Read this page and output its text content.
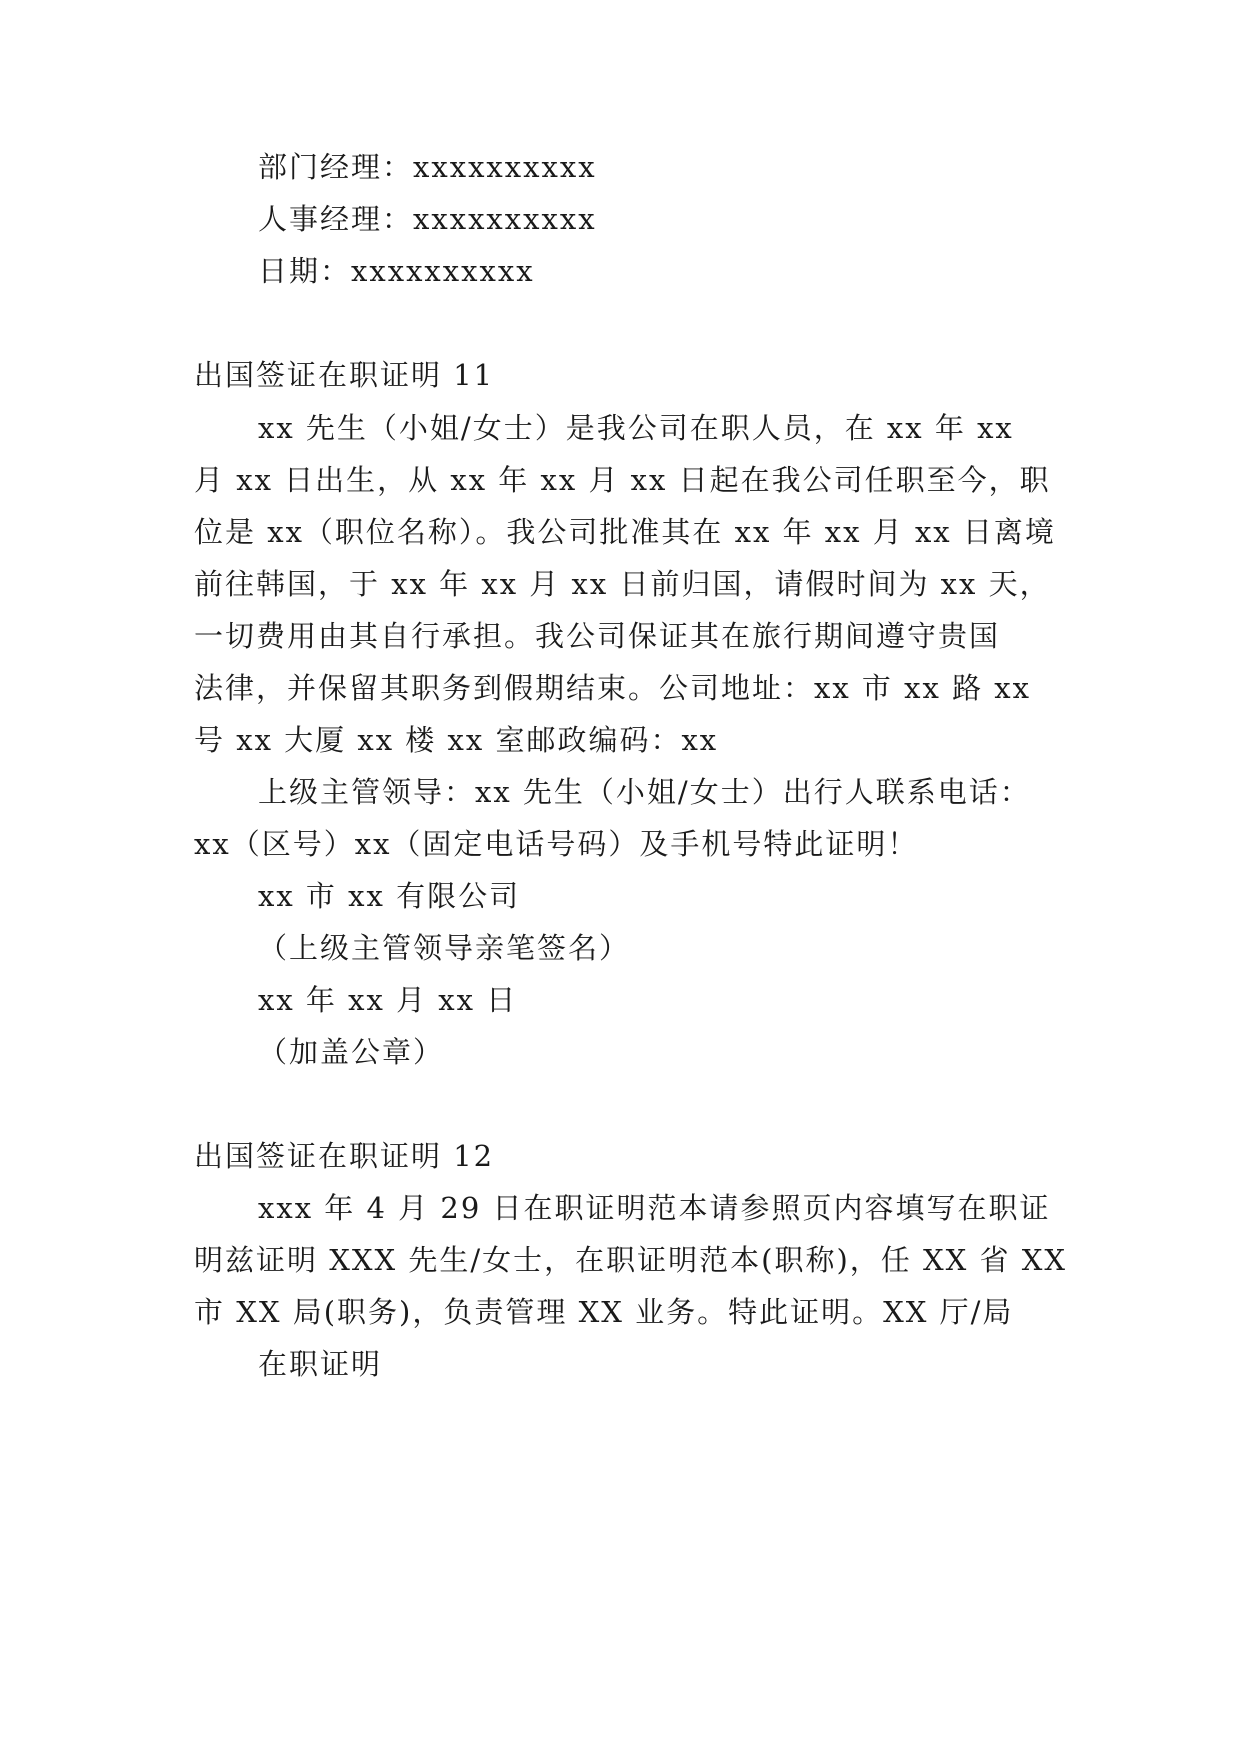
部门经理：xxxxxxxxxx
人事经理：xxxxxxxxxx
日期：xxxxxxxxxx
出国签证在职证明 11
xx 先生（小姐/女士）是我公司在职人员，在 xx 年 xx
月 xx 日出生，从 xx 年 xx 月 xx 日起在我公司任职至今，职
位是 xx（职位名称）。我公司批准其在 xx 年 xx 月 xx 日离境
前往韩国，于 xx 年 xx 月 xx 日前归国，请假时间为 xx 天，
一切费用由其自行承担。我公司保证其在旅行期间遵守贵国
法律，并保留其职务到假期结束。公司地址：xx 市 xx 路 xx
号 xx 大厦 xx 楼 xx 室邮政编码：xx
上级主管领导：xx 先生（小姐/女士）出行人联系电话：
xx（区号）xx（固定电话号码）及手机号特此证明！
xx 市 xx 有限公司
（上级主管领导亲笔签名）
xx 年 xx 月 xx 日
（加盖公章）
出国签证在职证明 12
xxx 年 4 月 29 日在职证明范本请参照页内容填写在职证
明兹证明 XXX 先生/女士，在职证明范本(职称)，任 XX 省 XX
市 XX 局(职务)，负责管理 XX 业务。特此证明。XX 厅/局
在职证明
